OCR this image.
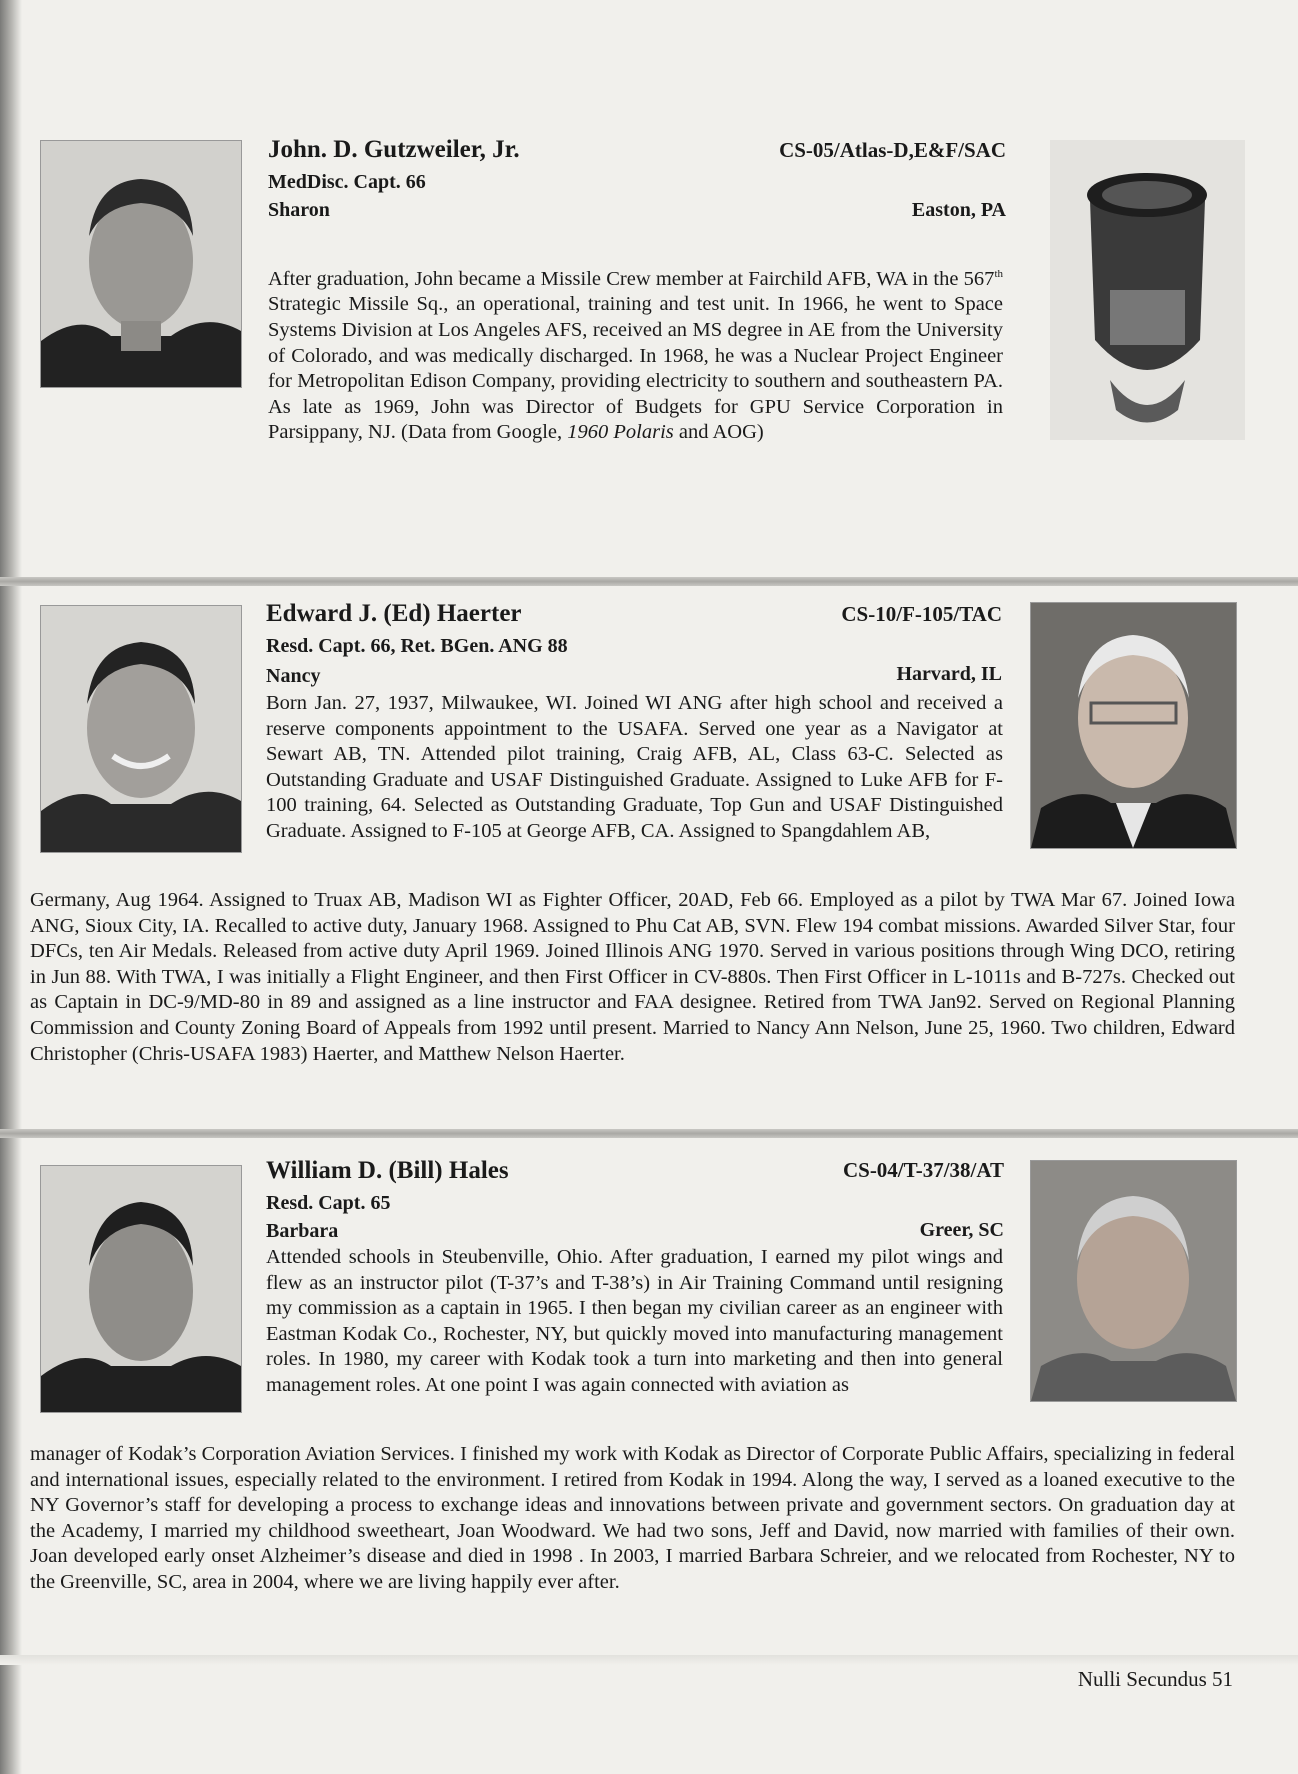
John. D. Gutzweiler, Jr.
MedDisc. Capt. 66
Sharon
CS-05/Atlas-D,E&F/SAC
Easton, PA

After graduation, John became a Missile Crew member at Fairchild AFB, WA in the 567th Strategic Missile Sq., an operational, training and test unit. In 1966, he went to Space Systems Division at Los Angeles AFS, received an MS degree in AE from the University of Colorado, and was medically discharged. In 1968, he was a Nuclear Project Engineer for Metropolitan Edison Company, providing electricity to southern and southeastern PA. As late as 1969, John was Director of Budgets for GPU Service Corporation in Parsippany, NJ. (Data from Google, 1960 Polaris and AOG)

Edward J. (Ed) Haerter
Resd. Capt. 66, Ret. BGen. ANG 88
Nancy
CS-10/F-105/TAC
Harvard, IL

Born Jan. 27, 1937, Milwaukee, WI. Joined WI ANG after high school and received a reserve components appointment to the USAFA. Served one year as a Navigator at Sewart AB, TN. Attended pilot training, Craig AFB, AL, Class 63-C. Selected as Outstanding Graduate and USAF Distinguished Graduate. Assigned to Luke AFB for F-100 training, 64. Selected as Outstanding Graduate, Top Gun and USAF Distinguished Graduate. Assigned to F-105 at George AFB, CA. Assigned to Spangdahlem AB,

Germany, Aug 1964. Assigned to Truax AB, Madison WI as Fighter Officer, 20AD, Feb 66. Employed as a pilot by TWA Mar 67. Joined Iowa ANG, Sioux City, IA. Recalled to active duty, January 1968. Assigned to Phu Cat AB, SVN. Flew 194 combat missions. Awarded Silver Star, four DFCs, ten Air Medals. Released from active duty April 1969. Joined Illinois ANG 1970. Served in various positions through Wing DCO, retiring in Jun 88. With TWA, I was initially a Flight Engineer, and then First Officer in CV-880s. Then First Officer in L-1011s and B-727s. Checked out as Captain in DC-9/MD-80 in 89 and assigned as a line instructor and FAA designee. Retired from TWA Jan92. Served on Regional Planning Commission and County Zoning Board of Appeals from 1992 until present. Married to Nancy Ann Nelson, June 25, 1960. Two children, Edward Christopher (Chris-USAFA 1983) Haerter, and Matthew Nelson Haerter.

William D. (Bill) Hales
Resd. Capt. 65
Barbara
CS-04/T-37/38/AT
Greer, SC

Attended schools in Steubenville, Ohio. After graduation, I earned my pilot wings and flew as an instructor pilot (T-37’s and T-38’s) in Air Training Command until resigning my commission as a captain in 1965. I then began my civilian career as an engineer with Eastman Kodak Co., Rochester, NY, but quickly moved into manufacturing management roles. In 1980, my career with Kodak took a turn into marketing and then into general management roles. At one point I was again connected with aviation as

manager of Kodak’s Corporation Aviation Services. I finished my work with Kodak as Director of Corporate Public Affairs, specializing in federal and international issues, especially related to the environment. I retired from Kodak in 1994. Along the way, I served as a loaned executive to the NY Governor’s staff for developing a process to exchange ideas and innovations between private and government sectors. On graduation day at the Academy, I married my childhood sweetheart, Joan Woodward. We had two sons, Jeff and David, now married with families of their own. Joan developed early onset Alzheimer’s disease and died in 1998 . In 2003, I married Barbara Schreier, and we relocated from Rochester, NY to the Greenville, SC, area in 2004, where we are living happily ever after.

Nulli Secundus 51
